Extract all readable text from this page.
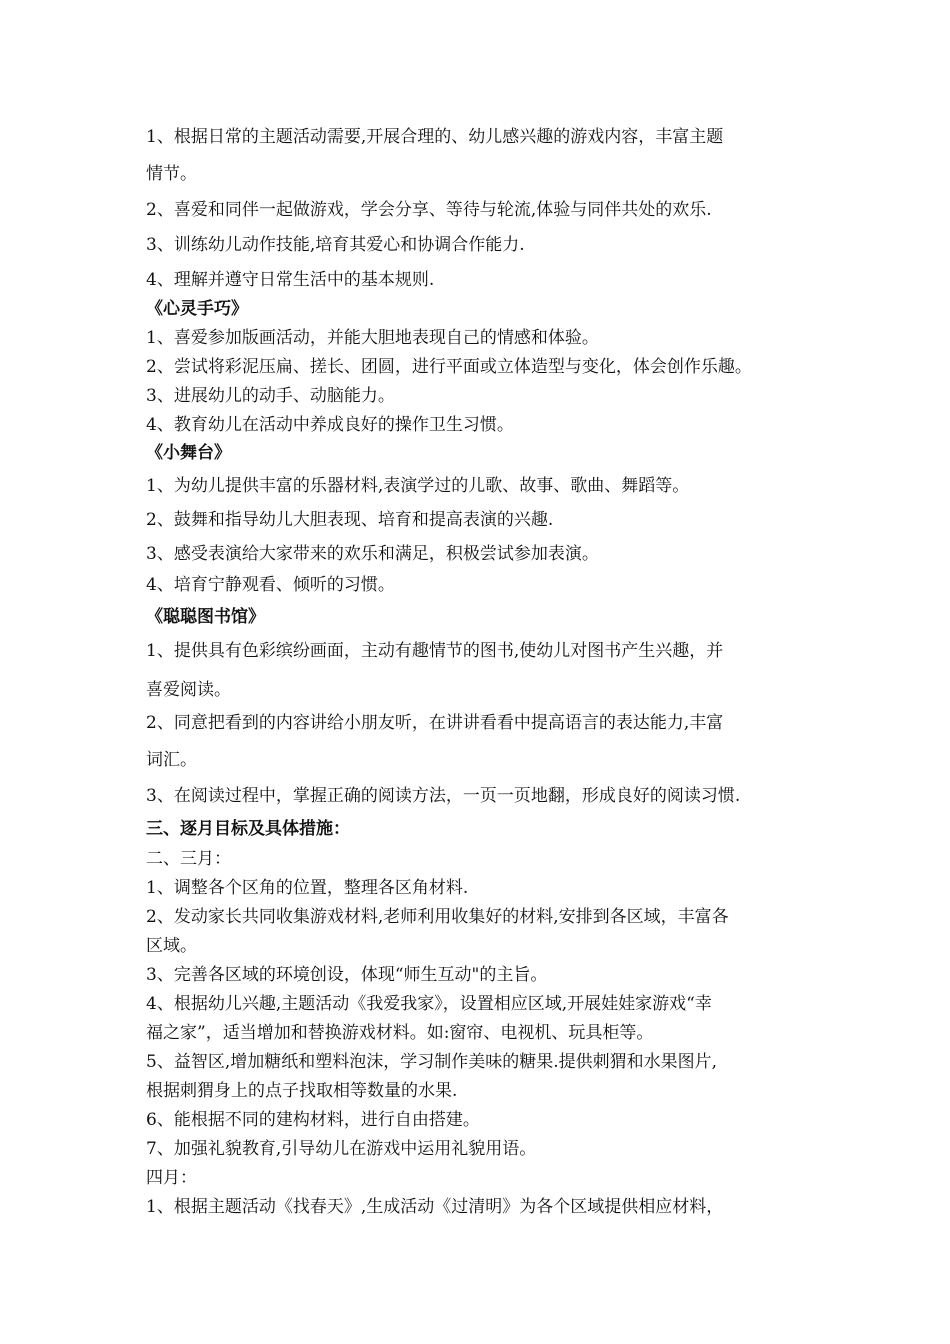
1、根据日常的主题活动需要,开展合理的、幼儿感兴趣的游戏内容，丰富主题
情节。
2、喜爱和同伴一起做游戏，学会分享、等待与轮流,体验与同伴共处的欢乐.
3、训练幼儿动作技能,培育其爱心和协调合作能力.
4、理解并遵守日常生活中的基本规则.
《心灵手巧》
1、喜爱参加版画活动，并能大胆地表现自己的情感和体验。
2、尝试将彩泥压扁、搓长、团圆，进行平面或立体造型与变化，体会创作乐趣。
3、进展幼儿的动手、动脑能力。
4、教育幼儿在活动中养成良好的操作卫生习惯。
《小舞台》
1、为幼儿提供丰富的乐器材料,表演学过的儿歌、故事、歌曲、舞蹈等。
2、鼓舞和指导幼儿大胆表现、培育和提高表演的兴趣.
3、感受表演给大家带来的欢乐和满足，积极尝试参加表演。
4、培育宁静观看、倾听的习惯。
《聪聪图书馆》
1、提供具有色彩缤纷画面，主动有趣情节的图书,使幼儿对图书产生兴趣，并
喜爱阅读。
2、同意把看到的内容讲给小朋友听，在讲讲看看中提高语言的表达能力,丰富
词汇。
3、在阅读过程中，掌握正确的阅读方法，一页一页地翻，形成良好的阅读习惯.
三、逐月目标及具体措施：
二、三月：
1、调整各个区角的位置，整理各区角材料.
2、发动家长共同收集游戏材料,老师利用收集好的材料,安排到各区域，丰富各
区域。
3、完善各区域的环境创设，体现“师生互动"的主旨。
4、根据幼儿兴趣,主题活动《我爱我家》，设置相应区域,开展娃娃家游戏“幸
福之家”，适当增加和替换游戏材料。如:窗帘、电视机、玩具柜等。
5、益智区,增加糖纸和塑料泡沫，学习制作美味的糖果.提供刺猬和水果图片,
根据刺猬身上的点子找取相等数量的水果.
6、能根据不同的建构材料，进行自由搭建。
7、加强礼貌教育,引导幼儿在游戏中运用礼貌用语。
四月：
1、根据主题活动《找春天》,生成活动《过清明》为各个区域提供相应材料，
